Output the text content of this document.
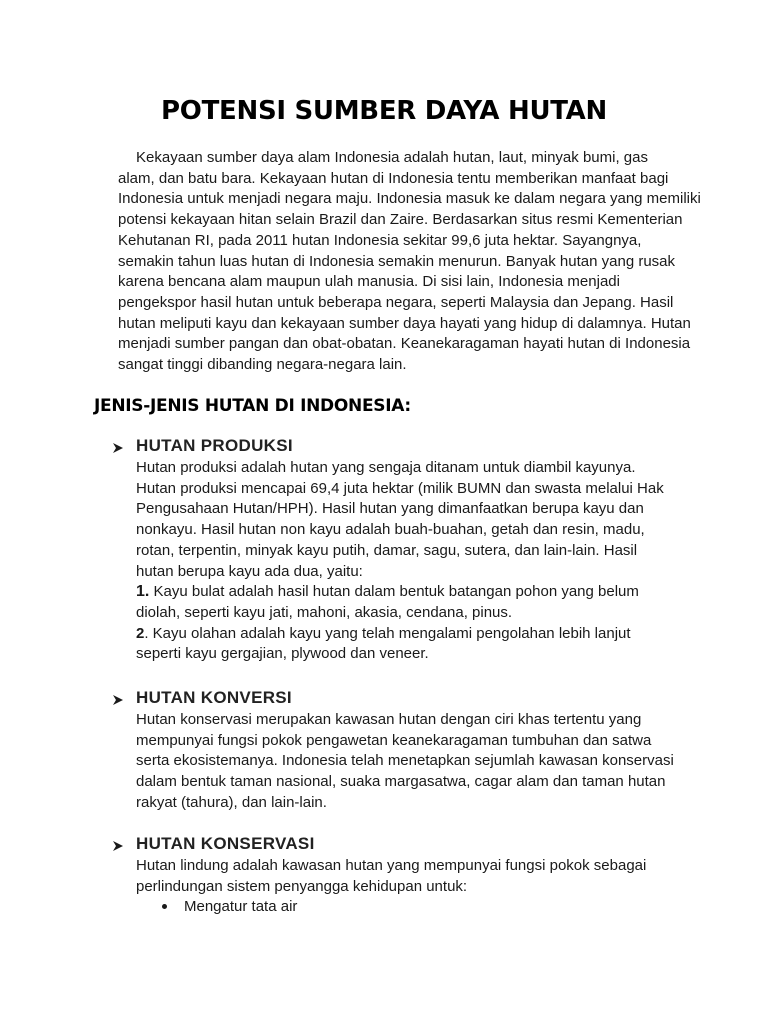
POTENSI SUMBER DAYA HUTAN
Kekayaan sumber daya alam Indonesia adalah hutan, laut, minyak bumi, gas
alam, dan batu bara. Kekayaan hutan di Indonesia tentu memberikan manfaat bagi
Indonesia untuk menjadi negara maju. Indonesia masuk ke dalam negara yang memiliki
potensi kekayaan hitan selain Brazil dan Zaire. Berdasarkan situs resmi Kementerian
Kehutanan RI, pada 2011 hutan Indonesia sekitar 99,6 juta hektar. Sayangnya,
semakin tahun luas hutan di Indonesia semakin menurun. Banyak hutan yang rusak
karena bencana alam maupun ulah manusia. Di sisi lain, Indonesia menjadi
pengekspor hasil hutan untuk beberapa negara, seperti Malaysia dan Jepang. Hasil
hutan meliputi kayu dan kekayaan sumber daya hayati yang hidup di dalamnya. Hutan
menjadi sumber pangan dan obat-obatan. Keanekaragaman hayati hutan di Indonesia
sangat tinggi dibanding negara-negara lain.
JENIS-JENIS HUTAN DI INDONESIA:
HUTAN PRODUKSI
Hutan produksi adalah hutan yang sengaja ditanam untuk diambil kayunya.
Hutan produksi mencapai 69,4 juta hektar (milik BUMN dan swasta melalui Hak
Pengusahaan Hutan/HPH). Hasil hutan yang dimanfaatkan berupa kayu dan
nonkayu. Hasil hutan non kayu adalah buah-buahan, getah dan resin, madu,
rotan, terpentin, minyak kayu putih, damar, sagu, sutera, dan lain-lain. Hasil
hutan berupa kayu ada dua, yaitu:
1. Kayu bulat adalah hasil hutan dalam bentuk batangan pohon yang belum
diolah, seperti kayu jati, mahoni, akasia, cendana, pinus.
2. Kayu olahan adalah kayu yang telah mengalami pengolahan lebih lanjut
seperti kayu gergajian, plywood dan veneer.
HUTAN KONVERSI
Hutan konservasi merupakan kawasan hutan dengan ciri khas tertentu yang
mempunyai fungsi pokok pengawetan keanekaragaman tumbuhan dan satwa
serta ekosistemanya. Indonesia telah menetapkan sejumlah kawasan konservasi
dalam bentuk taman nasional, suaka margasatwa, cagar alam dan taman hutan
rakyat (tahura), dan lain-lain.
HUTAN KONSERVASI
Hutan lindung adalah kawasan hutan yang mempunyai fungsi pokok sebagai
perlindungan sistem penyangga kehidupan untuk:
Mengatur tata air
